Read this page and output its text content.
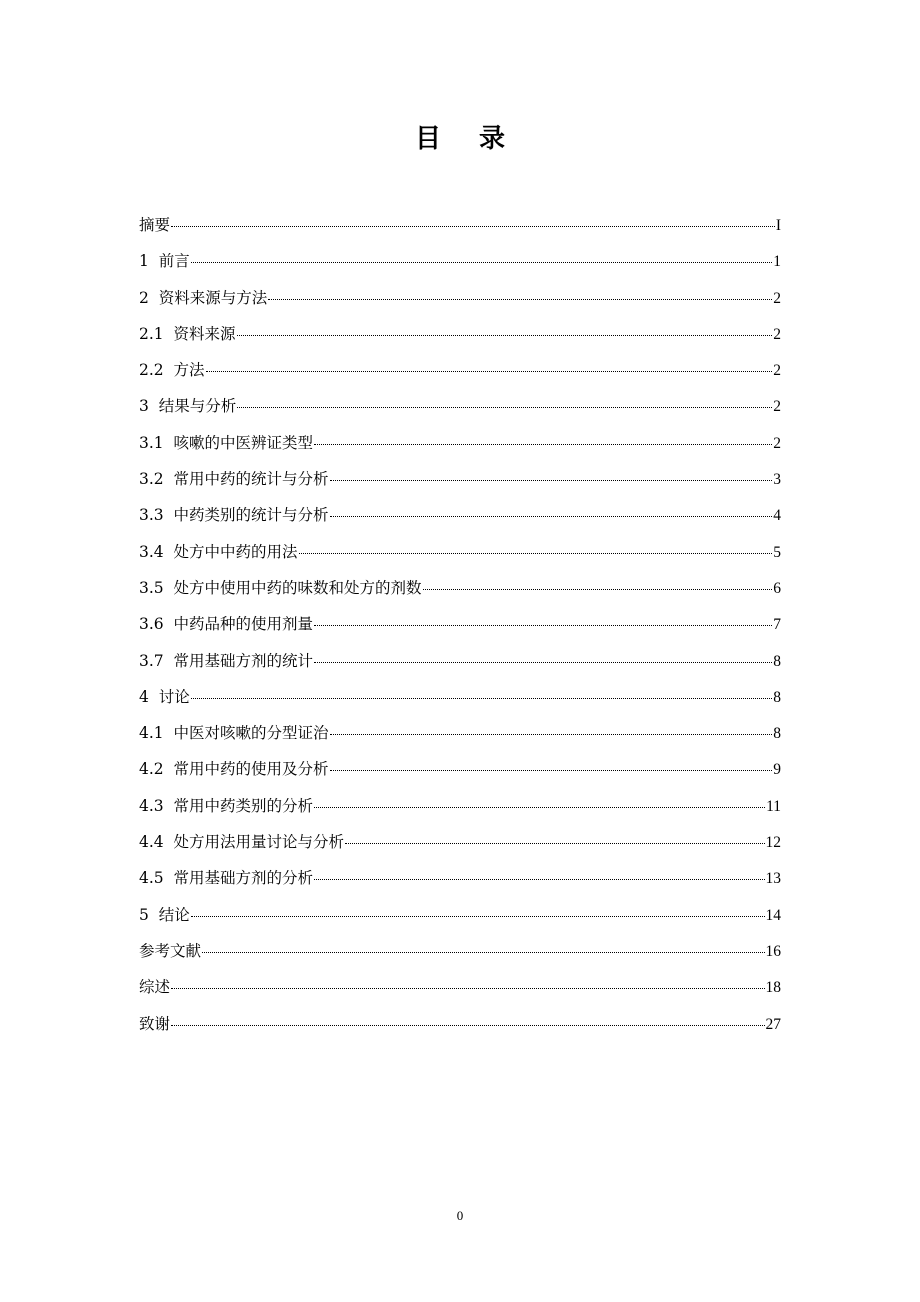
目录
摘要	I
1  前言	1
2  资料来源与方法	2
2.1  资料来源	2
2.2  方法	2
3  结果与分析	2
3.1  咳嗽的中医辨证类型	2
3.2  常用中药的统计与分析	3
3.3  中药类别的统计与分析	4
3.4  处方中中药的用法	5
3.5  处方中使用中药的味数和处方的剂数	6
3.6  中药品种的使用剂量	7
3.7  常用基础方剂的统计	8
4  讨论	8
4.1  中医对咳嗽的分型证治	8
4.2  常用中药的使用及分析	9
4.3  常用中药类别的分析	11
4.4  处方用法用量讨论与分析	12
4.5  常用基础方剂的分析	13
5  结论	14
参考文献	16
综述	18
致谢	27
0
